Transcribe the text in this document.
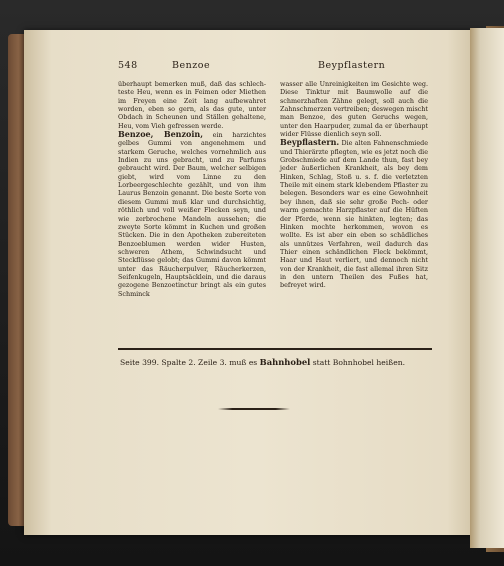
548	Benzoe	Beypflastern

überhaupt bemerken muß, daß das schlechteste Heu, wenn es in Feimen oder Miethen im Freyen eine Zeit lang aufbewahret worden, eben so gern, als das gute, unter Obdach in Scheunen und Ställen gehaltene, Heu, vom Vieh gefressen werde.

Benzoe, Benzoin, ein harzichtes gelbes Gummi von angenehmem und starkem Geruche, welches vornehmlich aus Indien zu uns gebracht, und zu Parfums gebraucht wird. Der Baum, welcher selbigen giebt, wird vom Linne zu den Lorbeergeschlechte gezählt, und von ihm Laurus Benzoin genannt. Die beste Sorte von diesem Gummi muß klar und durchsichtig, röthlich und voll weißer Flecken seyn, und wie zerbrochene Mandeln aussehen; die zweyte Sorte kömmt in Kuchen und großen Stücken. Die in den Apotheken zubereiteten Benzoeblumen werden wider Husten, schweren Athem, Schwindsucht und Steckflüsse gelobt; das Gummi davon kömmt unter das Räucherpulver, Räucherkerzen, Seifenkugeln, Hauptsäcklein, und die daraus gezogene Benzoetinctur bringt als ein gutes Schminck

wasser alle Unreinigkeiten im Gesichte weg. Diese Tinktur mit Baumwolle auf die schmerzhaften Zähne gelegt, soll auch die Zahnschmerzen vertreiben; deswegen mischt man Benzoe, des guten Geruchs wegen, unter den Haarpuder, zumal da er überhaupt wider Flüsse dienlich seyn soll.

Beypflastern. Die alten Fahnenschmiede und Thierärzte pflegten, wie es jetzt noch die Grobschmiede auf dem Lande thun, fast bey jeder äußerlichen Krankheit, als bey dem Hinken, Schlag, Stoß u. s. f. die verletzten Theile mit einem stark klebendem Pflaster zu belegen. Besonders war es eine Gewohnheit bey ihnen, daß sie sehr große Pech- oder warm gemachte Harzpflaster auf die Hüften der Pferde, wenn sie hinkten, legten; das Hinken mochte herkommen, wovon es wollte. Es ist aber ein eben so schädliches als unnützes Verfahren, weil dadurch das Thier einen schändlichen Fleck bekömmt, Haar und Haut verliert, und dennoch nicht von der Krankheit, die fast allemal ihren Sitz in den untern Theilen des Fußes hat, befreyet wird.

Seite 399. Spalte 2. Zeile 3. muß es Bahnhobel statt Bohnhobel heißen.
